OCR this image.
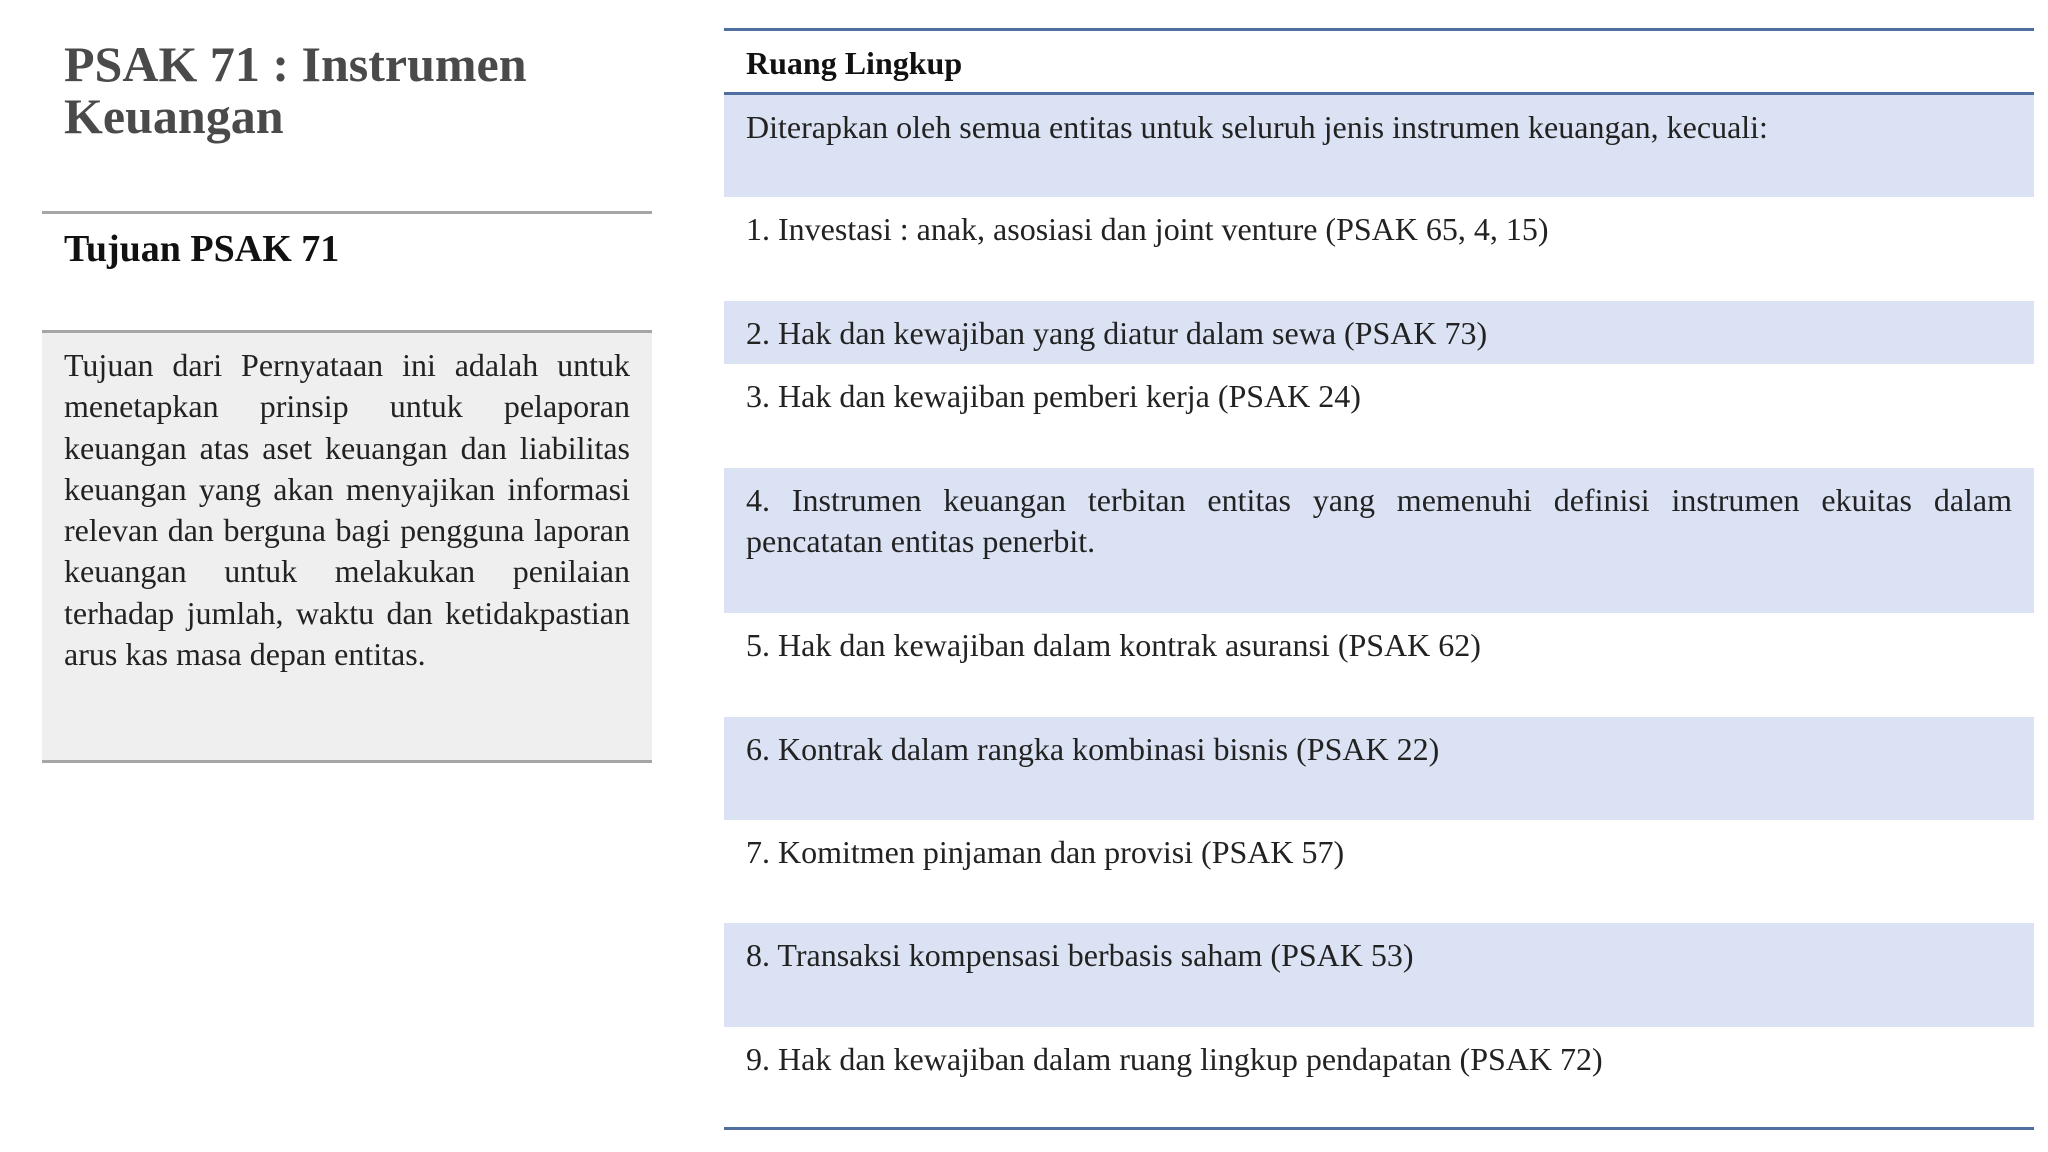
PSAK 71 : Instrumen Keuangan
Tujuan PSAK 71

Tujuan dari Pernyataan ini adalah untuk menetapkan prinsip untuk pelaporan keuangan atas aset keuangan dan liabilitas keuangan yang akan menyajikan informasi relevan dan berguna bagi pengguna laporan keuangan untuk melakukan penilaian terhadap jumlah, waktu dan ketidakpastian arus kas masa depan entitas.

Ruang Lingkup
Diterapkan oleh semua entitas untuk seluruh jenis instrumen keuangan, kecuali:
1. Investasi : anak, asosiasi dan joint venture (PSAK 65, 4, 15)
2. Hak dan kewajiban yang diatur dalam sewa (PSAK 73)
3. Hak dan kewajiban pemberi kerja (PSAK 24)
4. Instrumen keuangan terbitan entitas yang memenuhi definisi instrumen ekuitas dalam pencatatan entitas penerbit.
5. Hak dan kewajiban dalam kontrak asuransi (PSAK 62)
6. Kontrak dalam rangka kombinasi bisnis (PSAK 22)
7. Komitmen pinjaman dan provisi (PSAK 57)
8. Transaksi kompensasi berbasis saham (PSAK 53)
9. Hak dan kewajiban dalam ruang lingkup pendapatan (PSAK 72)
